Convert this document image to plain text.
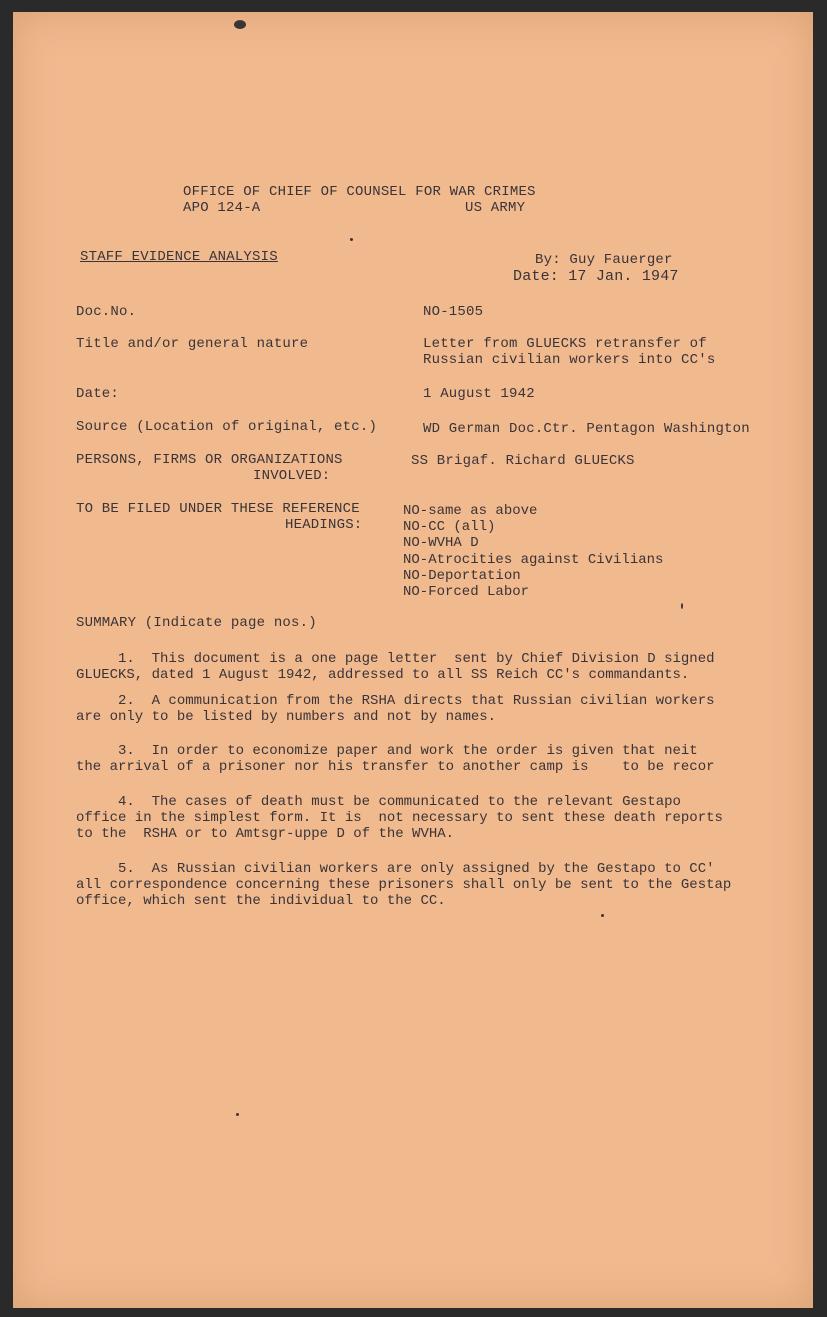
OFFICE OF CHIEF OF COUNSEL FOR WAR CRIMES
APO 124-A	US ARMY
STAFF EVIDENCE ANALYSIS	By: Guy Fauerger
Date: 17 Jan. 1947
Doc.No.	NO-1505
Title and/or general nature	Letter from GLUECKS retransfer of
Russian civilian workers into CC's
Date:	1 August 1942
Source (Location of original, etc.)	WD German Doc.Ctr. Pentagon Washington
PERSONS, FIRMS OR ORGANIZATIONS
INVOLVED:
SS Brigaf. Richard GLUECKS
TO BE FILED UNDER THESE REFERENCE
HEADINGS:
NO-same as above
NO-CC (all)
NO-WVHA D
NO-Atrocities against Civilians
NO-Deportation
NO-Forced Labor
SUMMARY (Indicate page nos.)
1.  This document is a one page letter  sent by Chief Division D signed
GLUECKS, dated 1 August 1942, addressed to all SS Reich CC's commandants.
2.  A communication from the RSHA directs that Russian civilian workers
are only to be listed by numbers and not by names.
3.  In order to economize paper and work the order is given that neit
the arrival of a prisoner nor his transfer to another camp is    to be recor
4.  The cases of death must be communicated to the relevant Gestapo
office in the simplest form. It is  not necessary to sent these death reports
to the  RSHA or to Amtsgr-uppe D of the WVHA.
5.  As Russian civilian workers are only assigned by the Gestapo to CC'
all correspondence concerning these prisoners shall only be sent to the Gestap
office, which sent the individual to the CC.
